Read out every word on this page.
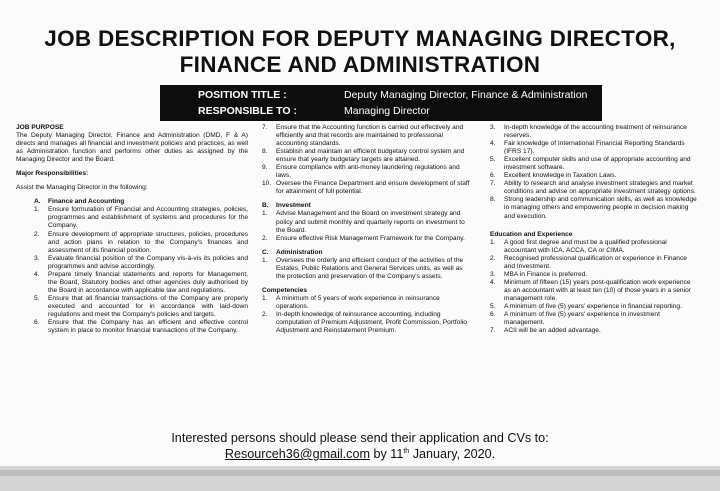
JOB DESCRIPTION FOR DEPUTY MANAGING DIRECTOR,
FINANCE AND ADMINISTRATION
POSITION TITLE :	Deputy Managing Director, Finance & Administration
RESPONSIBLE TO :	Managing Director
JOB PURPOSE
The Deputy Managing Director, Finance and Administration (DMD, F & A) directs and manages all financial and investment policies and practices, as well as Administration function and performs other duties as assigned by the Managing Director and the Board.
Major Responsibilities:
Assist the Managing Director in the following:
A.	Finance and Accounting
1.	Ensure formulation of Financial and Accounting strategies, policies, programmes and establishment of systems and procedures for the Company.
2.	Ensure development of appropriate structures, policies, procedures and action plans in relation to the Company's finances and assessment of its financial position.
3.	Evaluate financial position of the Company vis-à-vis its policies and programmes and advise accordingly.
4.	Prepare timely financial statements and reports for Management, the Board, Statutory bodies and other agencies duly authorised by the Board in accordance with applicable law and regulations.
5.	Ensure that all financial transactions of the Company are properly executed and accounted for in accordance with laid-down regulations and meet the Company's policies and targets.
6.	Ensure that the Company has an efficient and effective control system in place to monitor financial transactions of the Company.
7.	Ensure that the Accounting function is carried out effectively and efficiently and that records are maintained to professional accounting standards.
8.	Establish and maintain an efficient budgetary control system and ensure that yearly budgetary targets are attained.
9.	Ensure compliance with anti-money laundering regulations and laws.
10. Oversee the Finance Department and ensure development of staff for attainment of full potential.
B.	Investment
1.	Advise Management and the Board on investment strategy and policy and submit monthly and quarterly reports on investment to the Board.
2.	Ensure effective Risk Management Framework for the Company.
C.	Administration
1.	Oversees the orderly and efficient conduct of the activities of the Estates, Public Relations and General Services units, as well as the protection and preservation of the Company's assets.
Competencies
1.	A minimum of 5 years of work experience in reinsurance operations.
2.	In-depth knowledge of reinsurance accounting, including computation of Premium Adjustment, Profit Commission, Portfolio Adjustment and Reinstatement Premium.
3.	In-depth knowledge of the accounting treatment of reinsurance reserves.
4.	Fair knowledge of International Financial Reporting Standards (IFRS 17).
5.	Excellent computer skills and use of appropriate accounting and investment software.
6.	Excellent knowledge in Taxation Laws.
7.	Ability to research and analyse investment strategies and market conditions and advise on appropriate investment strategy options.
8.	Strong leadership and communication skills, as well as knowledge in managing others and empowering people in decision making and execution.
Education and Experience
1.	A good first degree and must be a qualified professional accountant with ICA, ACCA, CA or CIMA.
2.	Recognised professional qualification or experience in Finance and Investment.
3.	MBA in Finance is preferred.
4.	Minimum of fifteen (15) years post-qualification work experience as an accountant with at least ten (10) of those years in a senior management role.
5.	A minimum of five (5) years' experience in financial reporting.
6.	A minimum of five (5) years' experience in investment management.
7.	ACII will be an added advantage.
Interested persons should please send their application and CVs to:
Resourceh36@gmail.com by 11th January, 2020.
